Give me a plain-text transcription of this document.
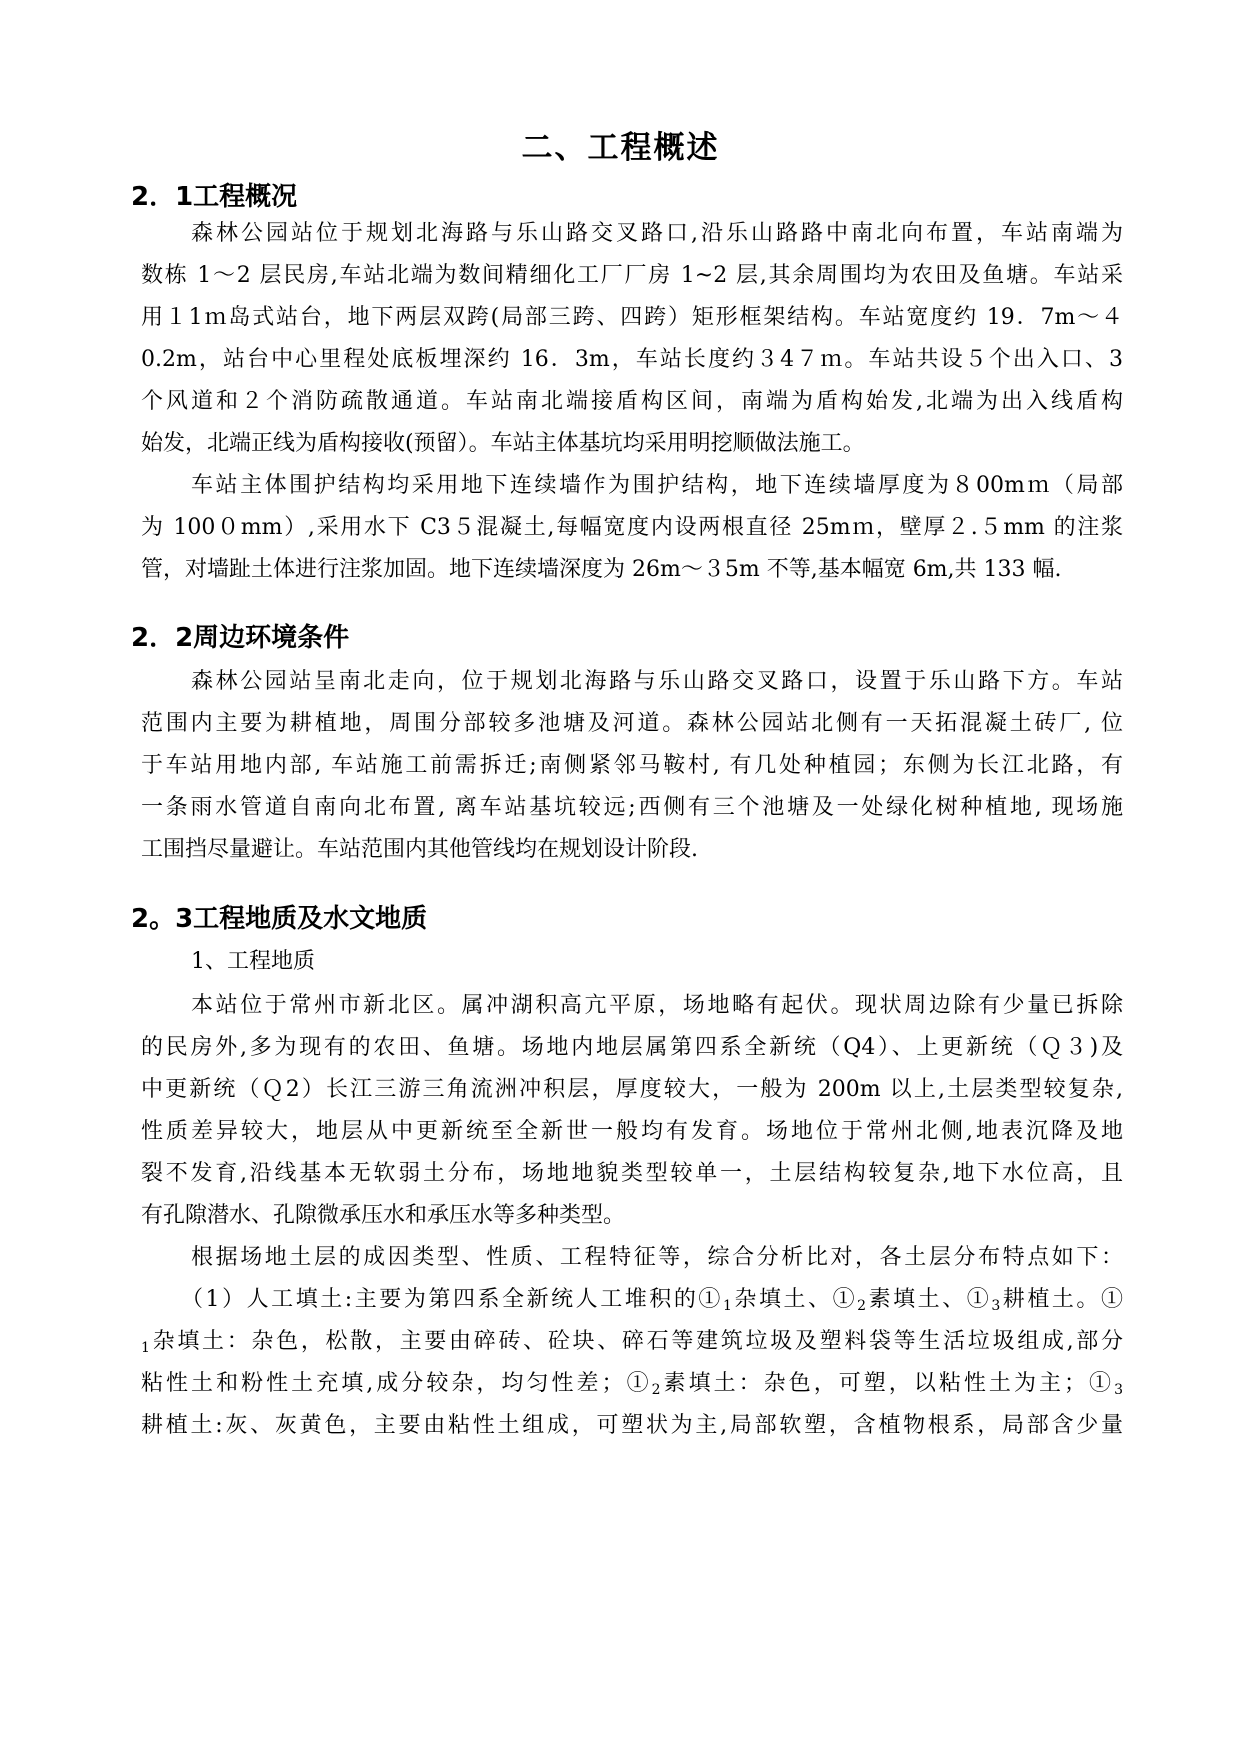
二、工程概述
2．1工程概况
森林公园站位于规划北海路与乐山路交叉路口,沿乐山路路中南北向布置，车站南端为
数栋 1～2 层民房,车站北端为数间精细化工厂厂房 1~2 层,其余周围均为农田及鱼塘。车站采
用１1ｍ岛式站台，地下两层双跨(局部三跨、四跨）矩形框架结构。车站宽度约 19．7m～４
0.2m，站台中心里程处底板埋深约 16．3m，车站长度约３4７ｍ。车站共设５个出入口、3
个风道和２个消防疏散通道。车站南北端接盾构区间，南端为盾构始发,北端为出入线盾构
始发，北端正线为盾构接收(预留）。车站主体基坑均采用明挖顺做法施工。
车站主体围护结构均采用地下连续墙作为围护结构，地下连续墙厚度为８00mｍ（局部
为 100０mm）,采用水下 C3５混凝土,每幅宽度内设两根直径 25mｍ，壁厚２.５mm 的注浆
管，对墙趾土体进行注浆加固。地下连续墙深度为 26m～３5m 不等,基本幅宽 6m,共 133 幅.
2．2周边环境条件
森林公园站呈南北走向，位于规划北海路与乐山路交叉路口，设置于乐山路下方。车站
范围内主要为耕植地，周围分部较多池塘及河道。森林公园站北侧有一天拓混凝土砖厂, 位
于车站用地内部, 车站施工前需拆迁;南侧紧邻马鞍村, 有几处种植园；东侧为长江北路，有
一条雨水管道自南向北布置, 离车站基坑较远;西侧有三个池塘及一处绿化树种植地, 现场施
工围挡尽量避让。车站范围内其他管线均在规划设计阶段.
2。3工程地质及水文地质
1、工程地质
本站位于常州市新北区。属冲湖积高亢平原，场地略有起伏。现状周边除有少量已拆除
的民房外,多为现有的农田、鱼塘。场地内地层属第四系全新统（Q4）、上更新统（Ｑ３)及
中更新统（Ｑ2）长江三游三角流洲冲积层，厚度较大，一般为 200m 以上,土层类型较复杂,
性质差异较大，地层从中更新统至全新世一般均有发育。场地位于常州北侧,地表沉降及地
裂不发育,沿线基本无软弱土分布，场地地貌类型较单一，土层结构较复杂,地下水位高，且
有孔隙潜水、孔隙微承压水和承压水等多种类型。
根据场地土层的成因类型、性质、工程特征等，综合分析比对，各土层分布特点如下：
（1）人工填土:主要为第四系全新统人工堆积的$①_1$杂填土、$①_2$素填土、$①_3$耕植土。①
$_1$杂填土：杂色，松散，主要由碎砖、砼块、碎石等建筑垃圾及塑料袋等生活垃圾组成,部分
粘性土和粉性土充填,成分较杂，均匀性差；$①_2$素填土：杂色，可塑，以粘性土为主；$①_3$
耕植土:灰、灰黄色，主要由粘性土组成，可塑状为主,局部软塑，含植物根系，局部含少量
